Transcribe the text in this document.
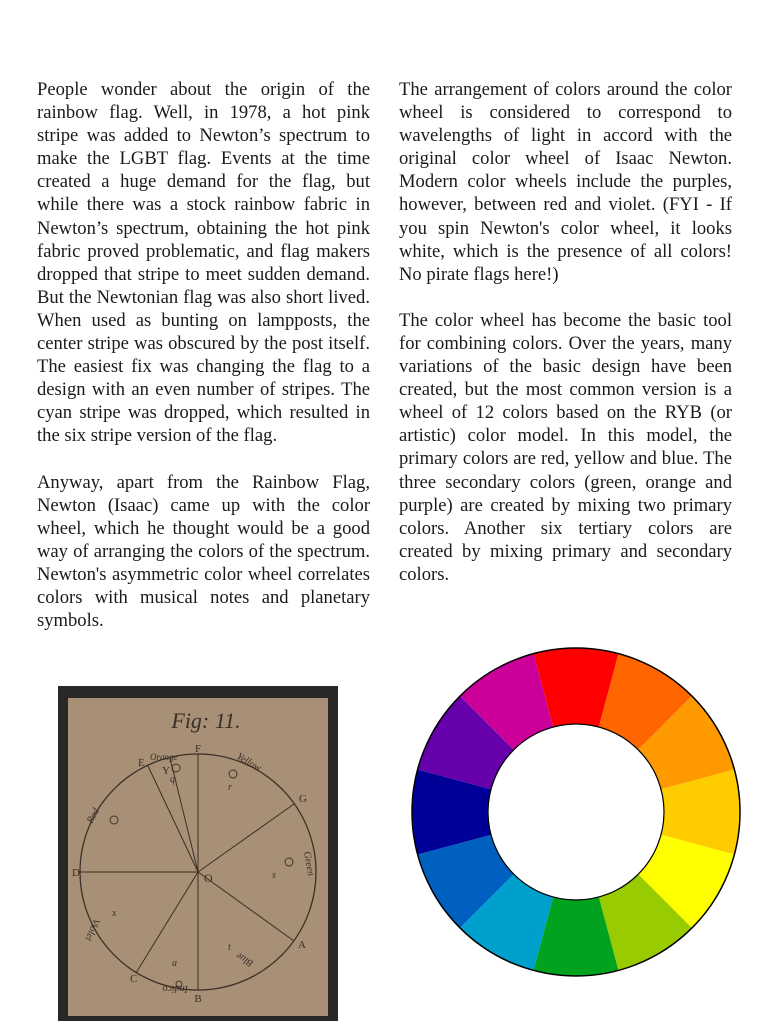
People wonder about the origin of the rainbow flag. Well, in 1978, a hot pink stripe was added to Newton’s spectrum to make the LGBT flag. Events at the time created a huge demand for the flag, but while there was a stock rainbow fabric in Newton’s spectrum, obtaining the hot pink fabric proved problematic, and flag makers dropped that stripe to meet sudden demand. But the Newtonian flag was also short lived. When used as bunting on lampposts, the center stripe was obscured by the post itself. The easiest fix was changing the flag to a design with an even number of stripes. The cyan stripe was dropped, which resulted in the six stripe version of the flag.

Anyway, apart from the Rainbow Flag, Newton (Isaac) came up with the color wheel, which he thought would be a good way of arranging the colors of the spectrum. Newton's asymmetric color wheel correlates colors with musical notes and planetary symbols.

The arrangement of colors around the color wheel is considered to correspond to wavelengths of light in accord with the original color wheel of Isaac Newton. Modern color wheels include the purples, however, between red and violet. (FYI - If you spin Newton's color wheel, it looks white, which is the presence of all colors! No pirate flags here!)

The color wheel has become the basic tool for combining colors. Over the years, many variations of the basic design have been created, but the most common version is a wheel of 12 colors based on the RYB (or artistic) color model. In this model, the primary colors are red, yellow and blue. The three secondary colors (green, orange and purple) are created by mixing two primary colors. Another six tertiary colors are created by mixing primary and secondary colors.

Fig: 11.
F
G
A
B
C
D
E
Y
O
Red
Orange	Yellow
Green
Blue
Indico
Violet
q
r
s
t
a
x
